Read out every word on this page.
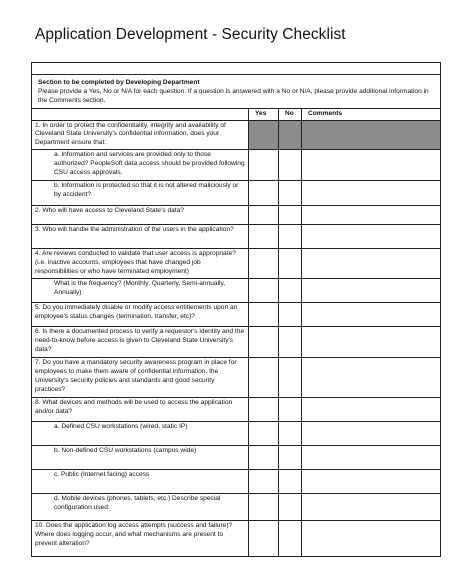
Application Development - Security Checklist

Section to be completed by Developing Department
Please provide a Yes, No or N/A for each question. If a question is answered with a No or N/A, please provide additional information in the Comments section.			
	Yes	No	Comments
1. In order to protect the confidentiality, integrity and availability of Cleveland State University's confidential information, does your Department ensure that:			
a. Information and services are provided only to those authorized? PeopleSoft data access should be provided following CSU access approvals.			
b. Information is protected so that it is not altered maliciously or by accident?			
2. Who will have access to Cleveland State's data?			
3. Who will handle the administration of the users in the application?			
4. Are reviews conducted to validate that user access is appropriate? (i.e. inactive accounts, employees that have changed job responsibilities or who have terminated employment)			
What is the frequency? (Monthly, Quarterly, Semi-annually, Annually)			
5. Do you immediately disable or modify access entitlements upon an employee's status changes (termination, transfer, etc)?			
6. Is there a documented process to verify a requestor's identity and the need-to-know before access is given to Cleveland State University's data?			
7. Do you have a mandatory security awareness program in place for employees to make them aware of confidential information, the University's security policies and standards and good security practices?			
8. What devices and methods will be used to access the application and/or data?			
a. Defined CSU workstations (wired, static IP)			
b. Non-defined CSU workstations (campus wide)			
c. Public (Internet facing) access			
d. Mobile devices (phones, tablets, etc.) Describe special configuration used:			
10. Does the application log access attempts (success and failure)? Where does logging occur, and what mechanisms are present to prevent alteration?			
